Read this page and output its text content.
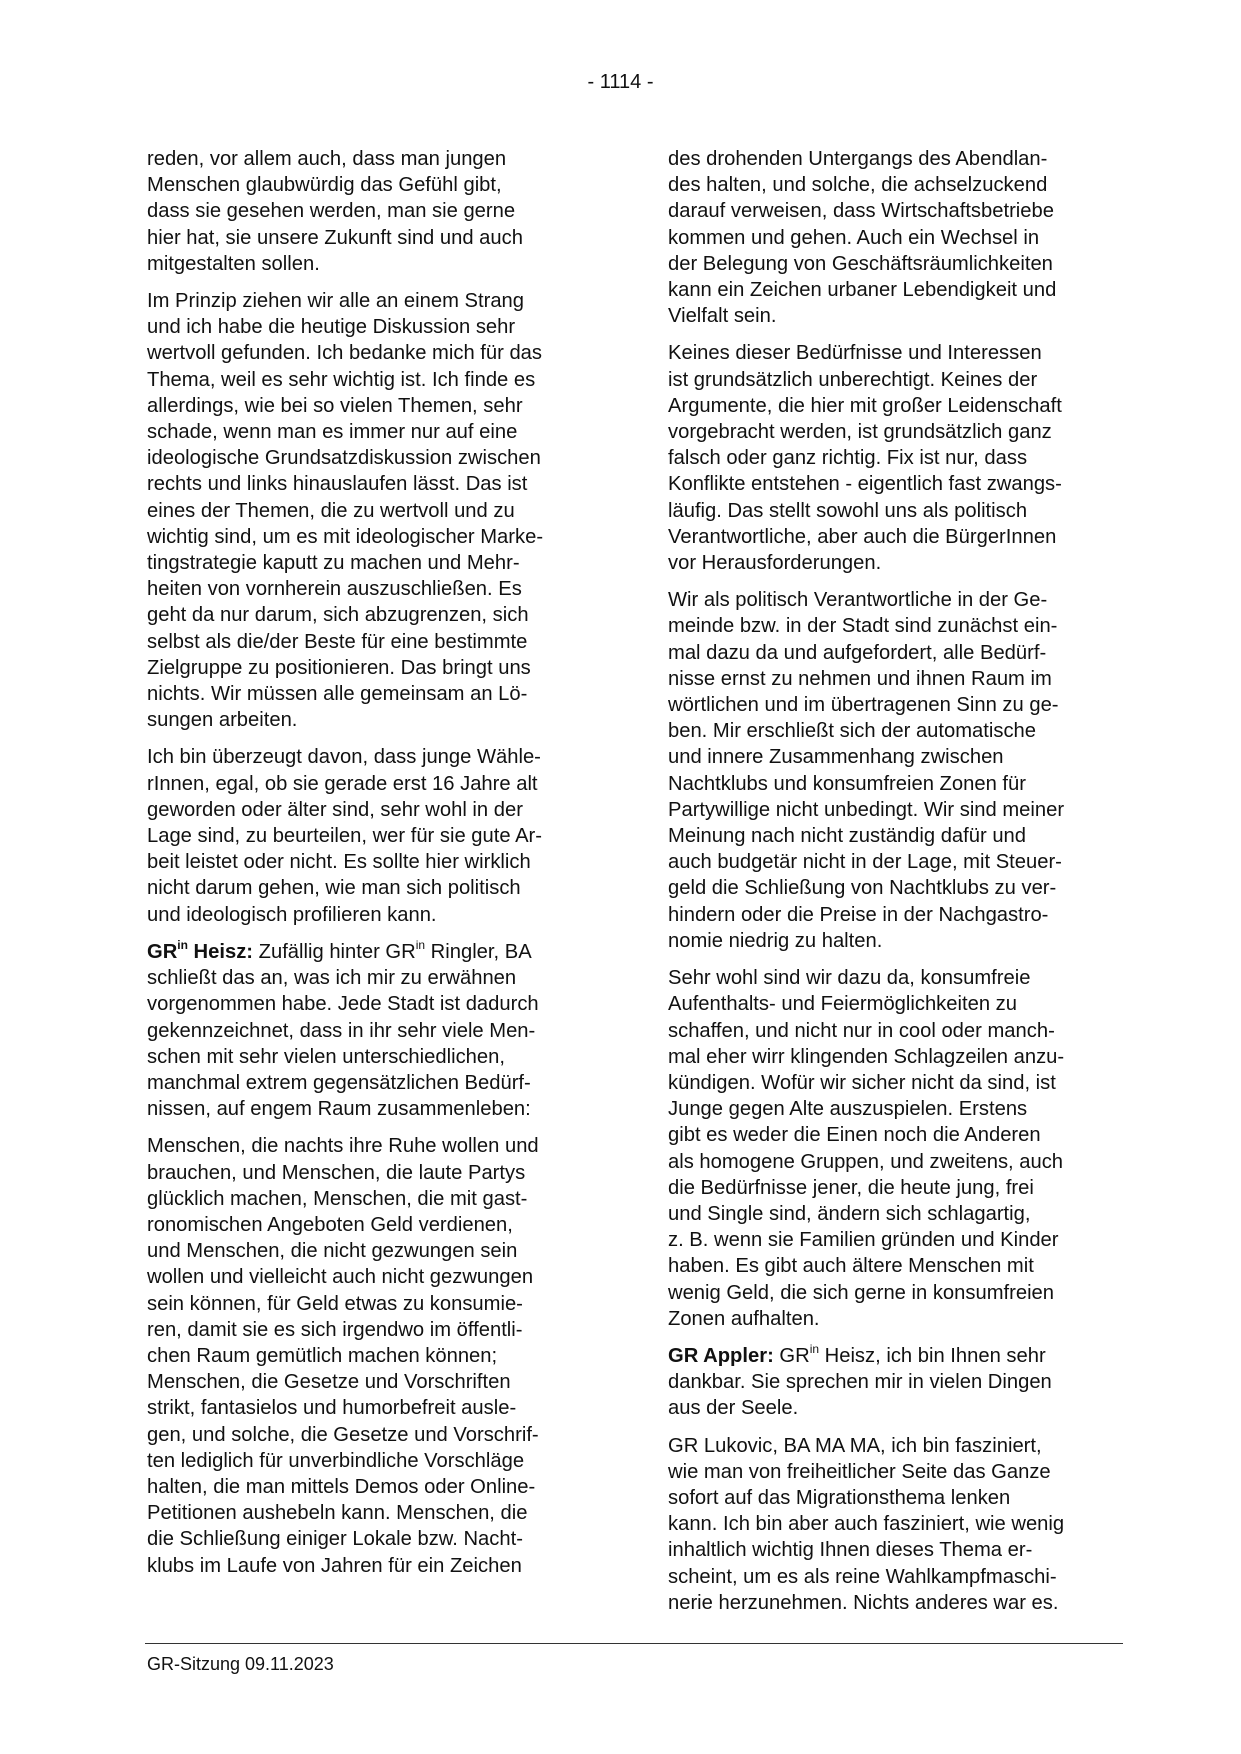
- 1114 -

reden, vor allem auch, dass man jungen
Menschen glaubwürdig das Gefühl gibt,
dass sie gesehen werden, man sie gerne
hier hat, sie unsere Zukunft sind und auch
mitgestalten sollen.

Im Prinzip ziehen wir alle an einem Strang
und ich habe die heutige Diskussion sehr
wertvoll gefunden. Ich bedanke mich für das
Thema, weil es sehr wichtig ist. Ich finde es
allerdings, wie bei so vielen Themen, sehr
schade, wenn man es immer nur auf eine
ideologische Grundsatzdiskussion zwischen
rechts und links hinauslaufen lässt. Das ist
eines der Themen, die zu wertvoll und zu
wichtig sind, um es mit ideologischer Marke-
tingstrategie kaputt zu machen und Mehr-
heiten von vornherein auszuschließen. Es
geht da nur darum, sich abzugrenzen, sich
selbst als die/der Beste für eine bestimmte
Zielgruppe zu positionieren. Das bringt uns
nichts. Wir müssen alle gemeinsam an Lö-
sungen arbeiten.

Ich bin überzeugt davon, dass junge Wähle-
rInnen, egal, ob sie gerade erst 16 Jahre alt
geworden oder älter sind, sehr wohl in der
Lage sind, zu beurteilen, wer für sie gute Ar-
beit leistet oder nicht. Es sollte hier wirklich
nicht darum gehen, wie man sich politisch
und ideologisch profilieren kann.

$GR^{in}$ Heisz: Zufällig hinter $GR^{in}$ Ringler, BA
schließt das an, was ich mir zu erwähnen
vorgenommen habe. Jede Stadt ist dadurch
gekennzeichnet, dass in ihr sehr viele Men-
schen mit sehr vielen unterschiedlichen,
manchmal extrem gegensätzlichen Bedürf-
nissen, auf engem Raum zusammenleben:

Menschen, die nachts ihre Ruhe wollen und
brauchen, und Menschen, die laute Partys
glücklich machen, Menschen, die mit gast-
ronomischen Angeboten Geld verdienen,
und Menschen, die nicht gezwungen sein
wollen und vielleicht auch nicht gezwungen
sein können, für Geld etwas zu konsumie-
ren, damit sie es sich irgendwo im öffentli-
chen Raum gemütlich machen können;
Menschen, die Gesetze und Vorschriften
strikt, fantasielos und humorbefreit ausle-
gen, und solche, die Gesetze und Vorschrif-
ten lediglich für unverbindliche Vorschläge
halten, die man mittels Demos oder Online-
Petitionen aushebeln kann. Menschen, die
die Schließung einiger Lokale bzw. Nacht-
klubs im Laufe von Jahren für ein Zeichen

des drohenden Untergangs des Abendlan-
des halten, und solche, die achselzuckend
darauf verweisen, dass Wirtschaftsbetriebe
kommen und gehen. Auch ein Wechsel in
der Belegung von Geschäftsräumlichkeiten
kann ein Zeichen urbaner Lebendigkeit und
Vielfalt sein.

Keines dieser Bedürfnisse und Interessen
ist grundsätzlich unberechtigt. Keines der
Argumente, die hier mit großer Leidenschaft
vorgebracht werden, ist grundsätzlich ganz
falsch oder ganz richtig. Fix ist nur, dass
Konflikte entstehen - eigentlich fast zwangs-
läufig. Das stellt sowohl uns als politisch
Verantwortliche, aber auch die BürgerInnen
vor Herausforderungen.

Wir als politisch Verantwortliche in der Ge-
meinde bzw. in der Stadt sind zunächst ein-
mal dazu da und aufgefordert, alle Bedürf-
nisse ernst zu nehmen und ihnen Raum im
wörtlichen und im übertragenen Sinn zu ge-
ben. Mir erschließt sich der automatische
und innere Zusammenhang zwischen
Nachtklubs und konsumfreien Zonen für
Partywillige nicht unbedingt. Wir sind meiner
Meinung nach nicht zuständig dafür und
auch budgetär nicht in der Lage, mit Steuer-
geld die Schließung von Nachtklubs zu ver-
hindern oder die Preise in der Nachgastro-
nomie niedrig zu halten.

Sehr wohl sind wir dazu da, konsumfreie
Aufenthalts- und Feiermöglichkeiten zu
schaffen, und nicht nur in cool oder manch-
mal eher wirr klingenden Schlagzeilen anzu-
kündigen. Wofür wir sicher nicht da sind, ist
Junge gegen Alte auszuspielen. Erstens
gibt es weder die Einen noch die Anderen
als homogene Gruppen, und zweitens, auch
die Bedürfnisse jener, die heute jung, frei
und Single sind, ändern sich schlagartig,
z. B. wenn sie Familien gründen und Kinder
haben. Es gibt auch ältere Menschen mit
wenig Geld, die sich gerne in konsumfreien
Zonen aufhalten.

GR Appler: $GR^{in}$ Heisz, ich bin Ihnen sehr
dankbar. Sie sprechen mir in vielen Dingen
aus der Seele.

GR Lukovic, BA MA MA, ich bin fasziniert,
wie man von freiheitlicher Seite das Ganze
sofort auf das Migrationsthema lenken
kann. Ich bin aber auch fasziniert, wie wenig
inhaltlich wichtig Ihnen dieses Thema er-
scheint, um es als reine Wahlkampfmaschi-
nerie herzunehmen. Nichts anderes war es.

GR-Sitzung 09.11.2023
